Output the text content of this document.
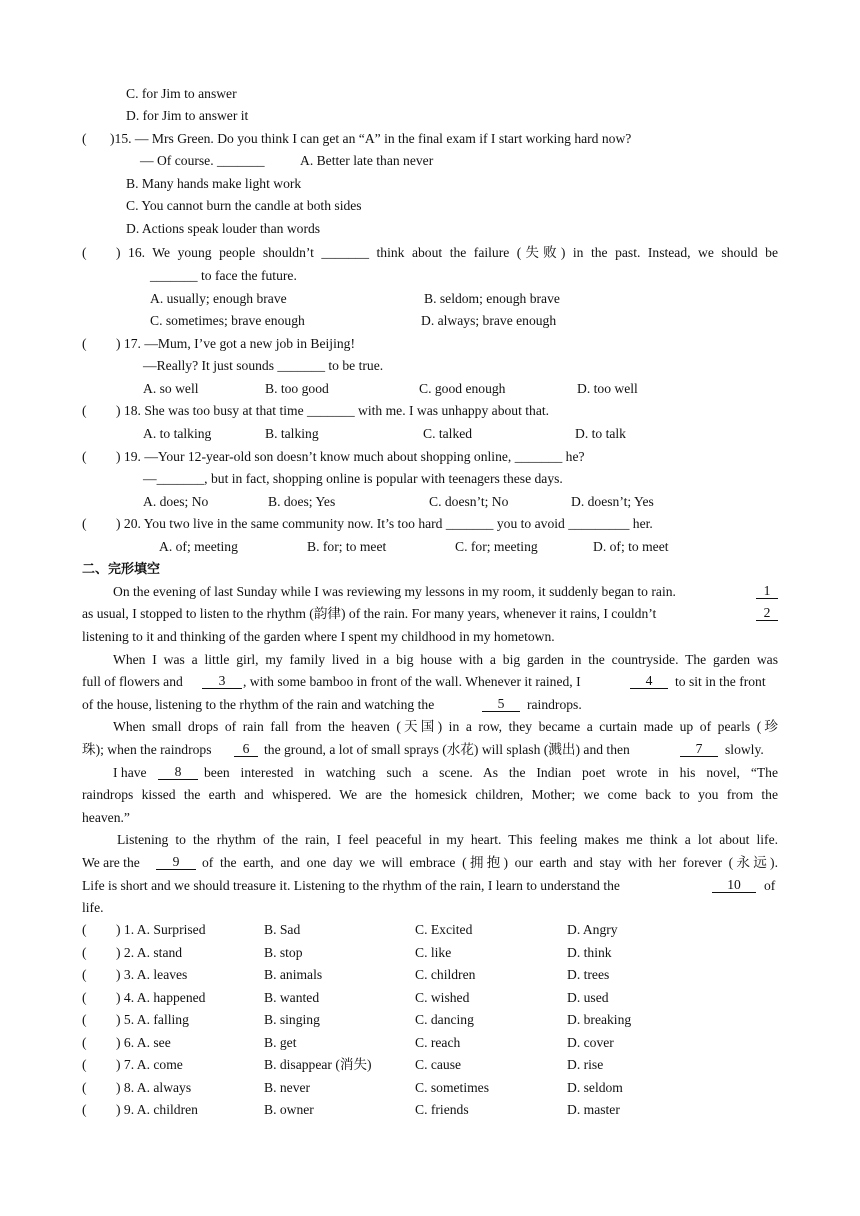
C. for Jim to answer
D. for Jim to answer it
( )15. — Mrs Green. Do you think I can get an “A” in the final exam if I start working hard now?
— Of course. _______	A. Better late than never
B. Many hands make light work
C. You cannot burn the candle at both sides
D. Actions speak louder than words
( ) 16. We young people shouldn’t _______ think about the failure (失败) in the past. Instead, we should be
_______ to face the future.
A. usually; enough brave	B. seldom; enough brave
C. sometimes; brave enough	D. always; brave enough
( ) 17. —Mum, I’ve got a new job in Beijing!
—Really? It just sounds _______ to be true.
A. so well	B. too good	C. good enough	D. too well
( ) 18. She was too busy at that time _______ with me. I was unhappy about that.
A. to talking	B. talking	C. talked	D. to talk
( ) 19. —Your 12-year-old son doesn’t know much about shopping online, _______ he?
—_______, but in fact, shopping online is popular with teenagers these days.
A. does; No	B. does; Yes	C. doesn’t; No	D. doesn’t; Yes
( ) 20. You two live in the same community now. It’s too hard _______ you to avoid _________ her.
A. of; meeting	B. for; to meet	C. for; meeting	D. of; to meet
二、完形填空
On the evening of last Sunday while I was reviewing my lessons in my room, it suddenly began to rain.	1
as usual, I stopped to listen to the rhythm (韵律) of the rain. For many years, whenever it rains, I couldn’t	2
listening to it and thinking of the garden where I spent my childhood in my hometown.
When I was a little girl, my family lived in a big house with a big garden in the countryside. The garden was
full of flowers and	3	, with some bamboo in front of the wall. Whenever it rained, I	4	to sit in the front
of the house, listening to the rhythm of the rain and watching the	5	raindrops.
When small drops of rain fall from the heaven (天国) in a row, they became a curtain made up of pearls (珍
珠); when the raindrops	6	the ground, a lot of small sprays (水花) will splash (溅出) and then	7	slowly.
I have	8	been interested in watching such a scene. As the Indian poet wrote in his novel, “The
raindrops kissed the earth and whispered. We are the homesick children, Mother; we come back to you from the
heaven.”
Listening to the rhythm of the rain, I feel peaceful in my heart. This feeling makes me think a lot about life.
We are the	9	of the earth, and one day we will embrace (拥抱) our earth and stay with her forever (永远).
Life is short and we should treasure it. Listening to the rhythm of the rain, I learn to understand the	10	of
life.
( ) 1. A. Surprised	B. Sad	C. Excited	D. Angry
( ) 2. A. stand	B. stop	C. like	D. think
( ) 3. A. leaves	B. animals	C. children	D. trees
( ) 4. A. happened	B. wanted	C. wished	D. used
( ) 5. A. falling	B. singing	C. dancing	D. breaking
( ) 6. A. see	B. get	C. reach	D. cover
( ) 7. A. come	B. disappear (消失)	C. cause	D. rise
( ) 8. A. always	B. never	C. sometimes	D. seldom
( ) 9. A. children	B. owner	C. friends	D. master
